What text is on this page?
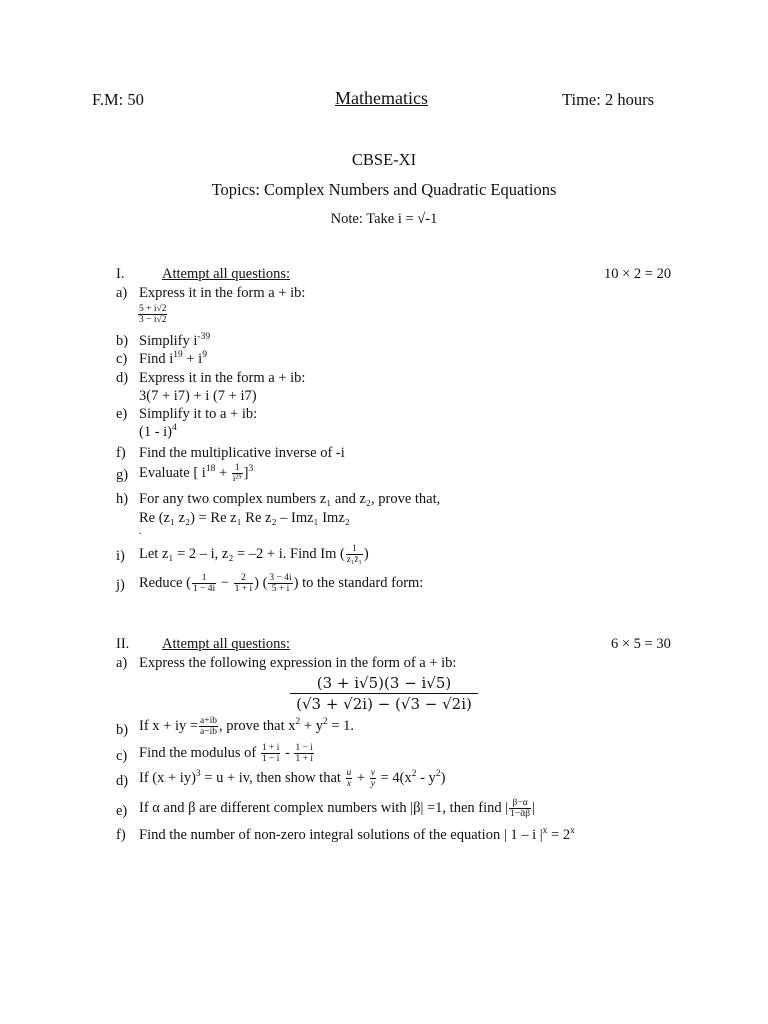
F.M: 50	Mathematics	Time: 2 hours
CBSE-XI
Topics: Complex Numbers and Quadratic Equations
Note: Take i = √-1
I.	Attempt all questions:	10 × 2 = 20
a) Express it in the form a + ib:
$\frac{5 + i√2}{3 - i√2}$
b) Simplify $i^{-39}$
c) Find $i^{19} + i^9$
d) Express it in the form a + ib:
3(7 + i7) + i (7 + i7)
e) Simplify it to a + ib:
(1 - i)$^4$
f) Find the multiplicative inverse of -i
g) Evaluate [ $i^{18} + \frac{1}{\text{i²⁵}} ]^3$
h) For any two complex numbers z₁ and z₂, prove that,
Re (z₁ z₂) = Re z₁ Re z₂ – Imz₁ Imz₂
.
i) Let z₁ = 2 – i, z₂ = –2 + i. Find Im ( $\frac{1}{\text{z₁z̄₁}}$ )
j) Reduce ( $\frac{1}{1 - 4i} - \frac{2}{1 + i}$ ) ( $\frac{3 - 4i}{5 + i}$ ) to the standard form:
II. Attempt all questions:	6 × 5 = 30
a) Express the following expression in the form of a + ib:
$\frac{(3 + i√5)(3 - i√5)}{(√3 + √2i) - (√3 - √2i)}$
b) If x + iy = $\frac{a+ib}{a-ib}$ , prove that $x^2 + y^2 = 1$.
c) Find the modulus of $\frac{1 + i}{1 - i} - \frac{1 - i}{1 + i}$
d) If (x + iy)$^3$ = u + iv, then show that $\frac{u}{x} + \frac{v}{y} = 4(x^2 - y^2)$
e) If α and β are different complex numbers with |β| =1, then find | $\frac{\beta-\alpha}{\text{1−ᾱβ}}$ |
f) Find the number of non-zero integral solutions of the equation | 1 – i $|^x = 2^x$
